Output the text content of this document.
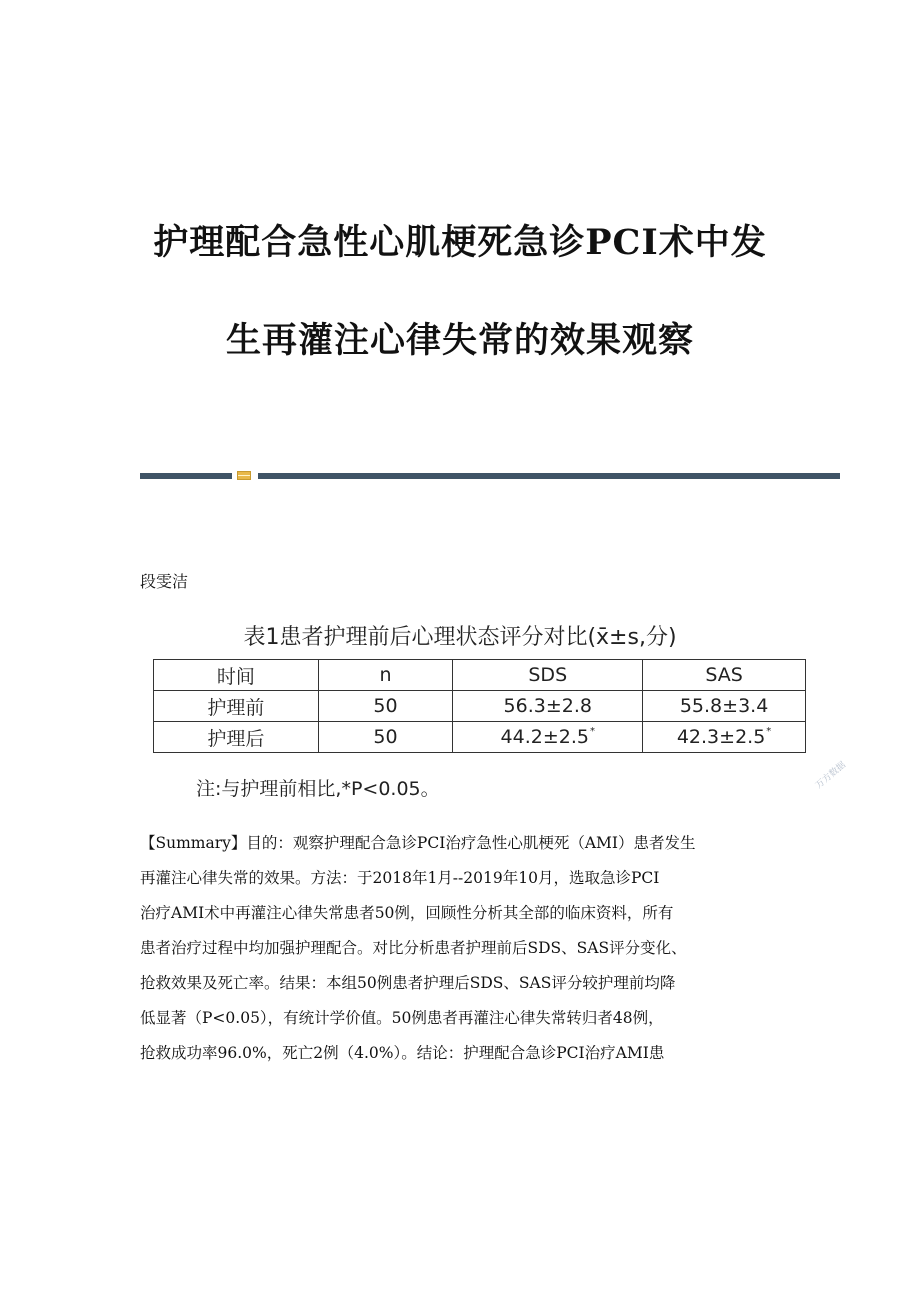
护理配合急性心肌梗死急诊PCI术中发
生再灌注心律失常的效果观察
段雯洁
表1患者护理前后心理状态评分对比(x̄±s,分)
时间	n	SDS	SAS
护理前	50	56.3±2.8	55.8±3.4
护理后	50	44.2±2.5*	42.3±2.5*
注:与护理前相比,*P<0.05。	万方数据
【Summary】目的：观察护理配合急诊PCI治疗急性心肌梗死（AMI）患者发生
再灌注心律失常的效果。方法：于2018年1月--2019年10月，选取急诊PCI
治疗AMI术中再灌注心律失常患者50例，回顾性分析其全部的临床资料，所有
患者治疗过程中均加强护理配合。对比分析患者护理前后SDS、SAS评分变化、
抢救效果及死亡率。结果：本组50例患者护理后SDS、SAS评分较护理前均降
低显著（P<0.05），有统计学价值。50例患者再灌注心律失常转归者48例，
抢救成功率96.0%，死亡2例（4.0%）。结论：护理配合急诊PCI治疗AMI患
